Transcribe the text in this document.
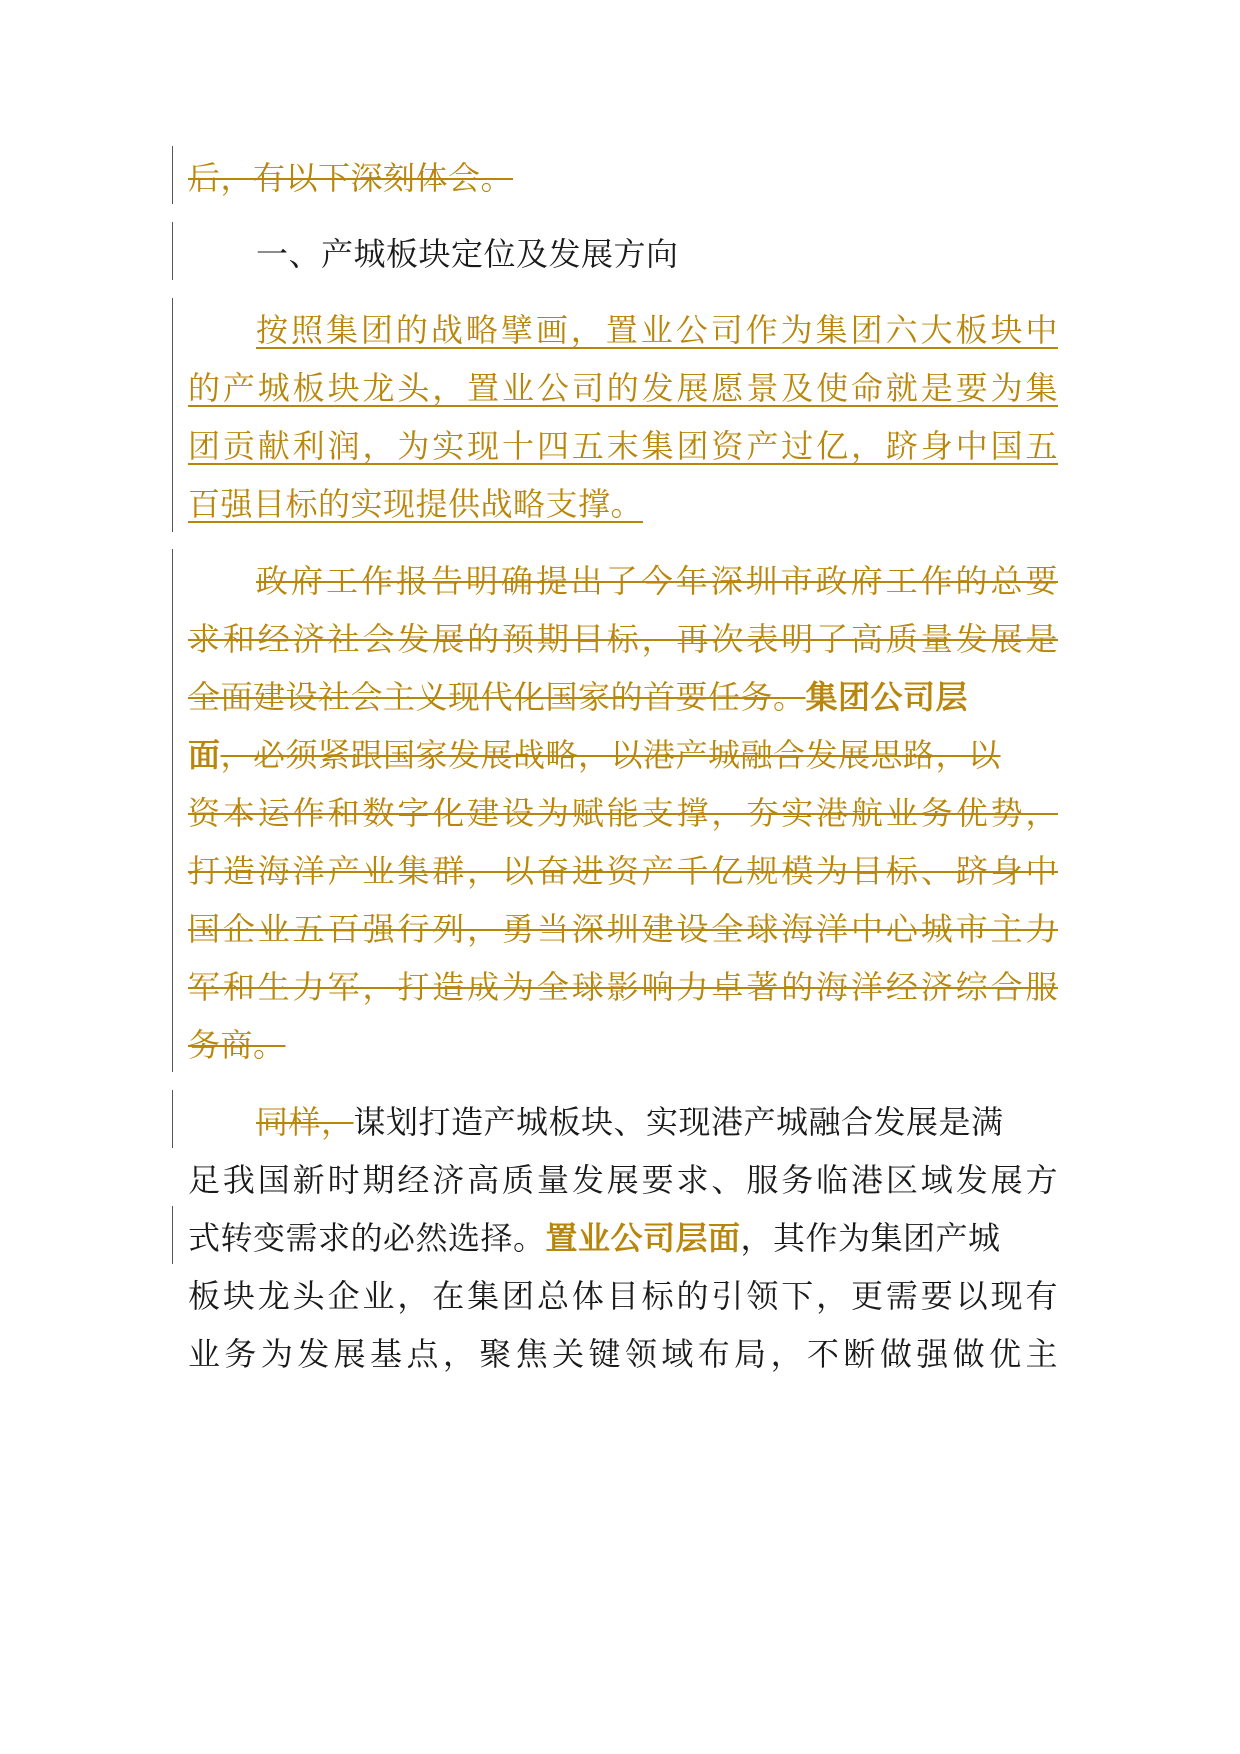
后，有以下深刻体会。
一、产城板块定位及发展方向
按照集团的战略擘画，置业公司作为集团六大板块中
的产城板块龙头，置业公司的发展愿景及使命就是要为集
团贡献利润，为实现十四五末集团资产过亿，跻身中国五
百强目标的实现提供战略支撑。
政府工作报告明确提出了今年深圳市政府工作的总要
求和经济社会发展的预期目标，再次表明了高质量发展是
全面建设社会主义现代化国家的首要任务。集团公司层
面，必须紧跟国家发展战略，以港产城融合发展思路，以
资本运作和数字化建设为赋能支撑，夯实港航业务优势，
打造海洋产业集群，以奋进资产千亿规模为目标、跻身中
国企业五百强行列，勇当深圳建设全球海洋中心城市主力
军和生力军，打造成为全球影响力卓著的海洋经济综合服
务商。
同样，谋划打造产城板块、实现港产城融合发展是满
足我国新时期经济高质量发展要求、服务临港区域发展方
式转变需求的必然选择。置业公司层面，其作为集团产城
板块龙头企业，在集团总体目标的引领下，更需要以现有
业务为发展基点，聚焦关键领域布局，不断做强做优主
